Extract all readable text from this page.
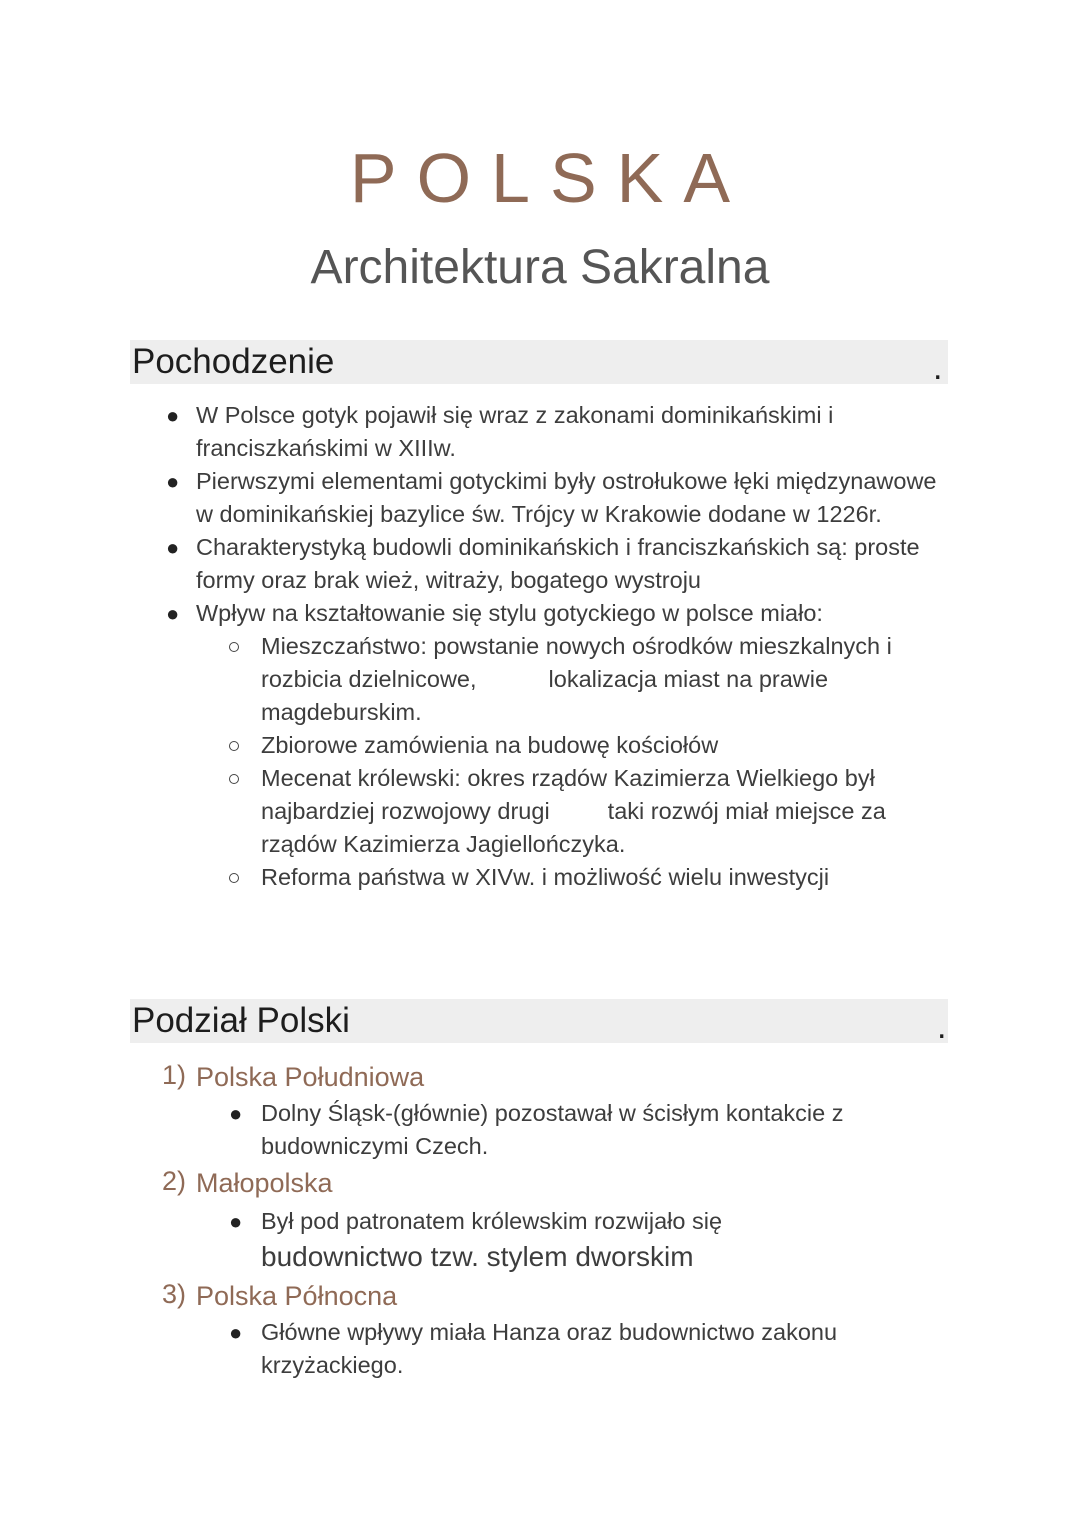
POLSKA
Architektura Sakralna
Pochodzenie	.
● W Polsce gotyk pojawił się wraz z zakonami dominikańskimi i franciszkańskimi w XIIIw.
● Pierwszymi elementami gotyckimi były ostrołukowe łęki międzynawowe w dominikańskiej bazylice św. Trójcy w Krakowie dodane w 1226r.
● Charakterystyką budowli dominikańskich i franciszkańskich są: proste formy oraz brak wież, witraży, bogatego wystroju
● Wpływ na kształtowanie się stylu gotyckiego w polsce miało:
Mieszczaństwo: powstanie nowych ośrodków mieszkalnych i rozbicia dzielnicowe,	lokalizacja miast na prawie magdeburskim.
Zbiorowe zamówienia na budowę kościołów
Mecenat królewski: okres rządów Kazimierza Wielkiego był najbardziej rozwojowy drugi taki rozwój miał miejsce za rządów Kazimierza Jagiellończyka.
Reforma państwa w XIVw. i możliwość wielu inwestycji
Podział Polski	.
1) Polska Południowa
● Dolny Śląsk-(głównie) pozostawał w ścisłym kontakcie z budowniczymi Czech.
2) Małopolska
● Był pod patronatem królewskim rozwijało się
budownictwo tzw. stylem dworskim
3) Polska Północna
● Główne wpływy miała Hanza oraz budownictwo zakonu krzyżackiego.
